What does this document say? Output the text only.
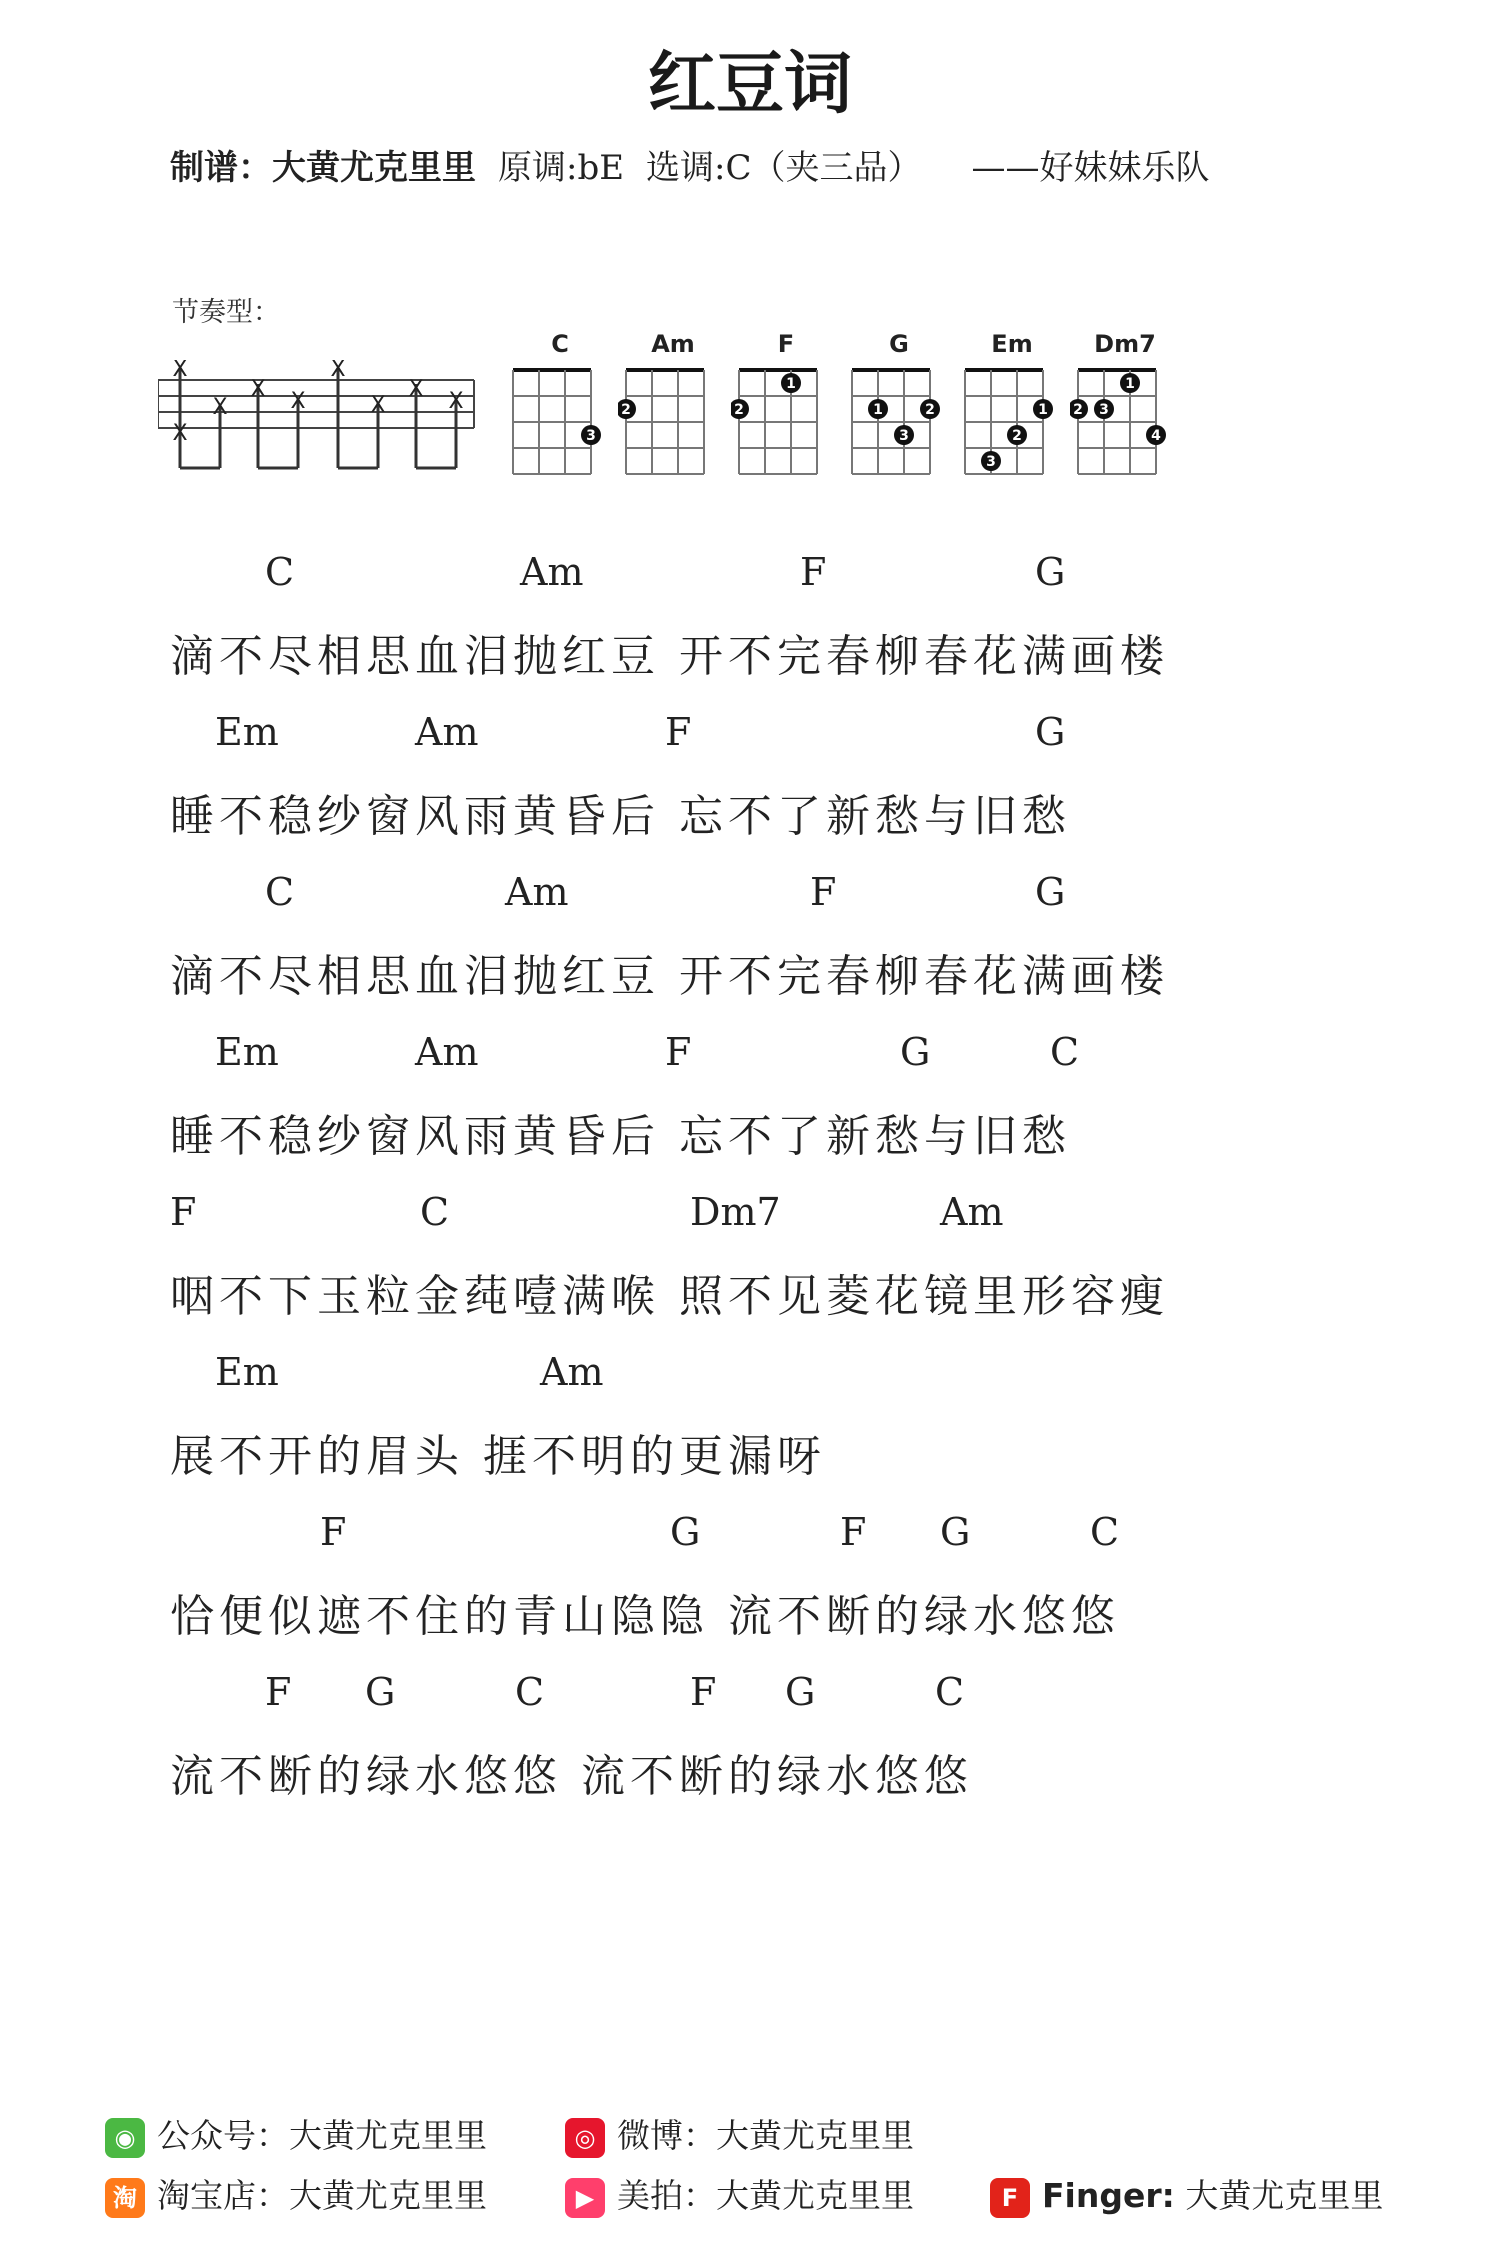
红豆词
制谱：大黄尤克里里 原调:bE 选调:C（夹三品） ——好妹妹乐队
节奏型：
X
X
X
X X
X
X
X X
C
3
Am
2
F
2
1
G
1	2
3
Em
1
2
3
Dm7
2 3
1
4
C	Am	F	G
滴不尽相思血泪抛红豆 开不完春柳春花满画楼
Em	Am	F	G
睡不稳纱窗风雨黄昏后 忘不了新愁与旧愁
C	Am	F	G
滴不尽相思血泪抛红豆 开不完春柳春花满画楼
Em	Am	F	G	C
睡不稳纱窗风雨黄昏后 忘不了新愁与旧愁
F	C	Dm7	Am
咽不下玉粒金莼噎满喉 照不见菱花镜里形容瘦
Em	Am
展不开的眉头 捱不明的更漏呀
F	G	F G	C
恰便似遮不住的青山隐隐 流不断的绿水悠悠
F G	C	F G	C
流不断的绿水悠悠 流不断的绿水悠悠
◉ 公众号：大黄尤克里里	◎ 微博：大黄尤克里里
淘 淘宝店：大黄尤克里里	▶ 美拍：大黄尤克里里	F Finger: 大黄尤克里里
